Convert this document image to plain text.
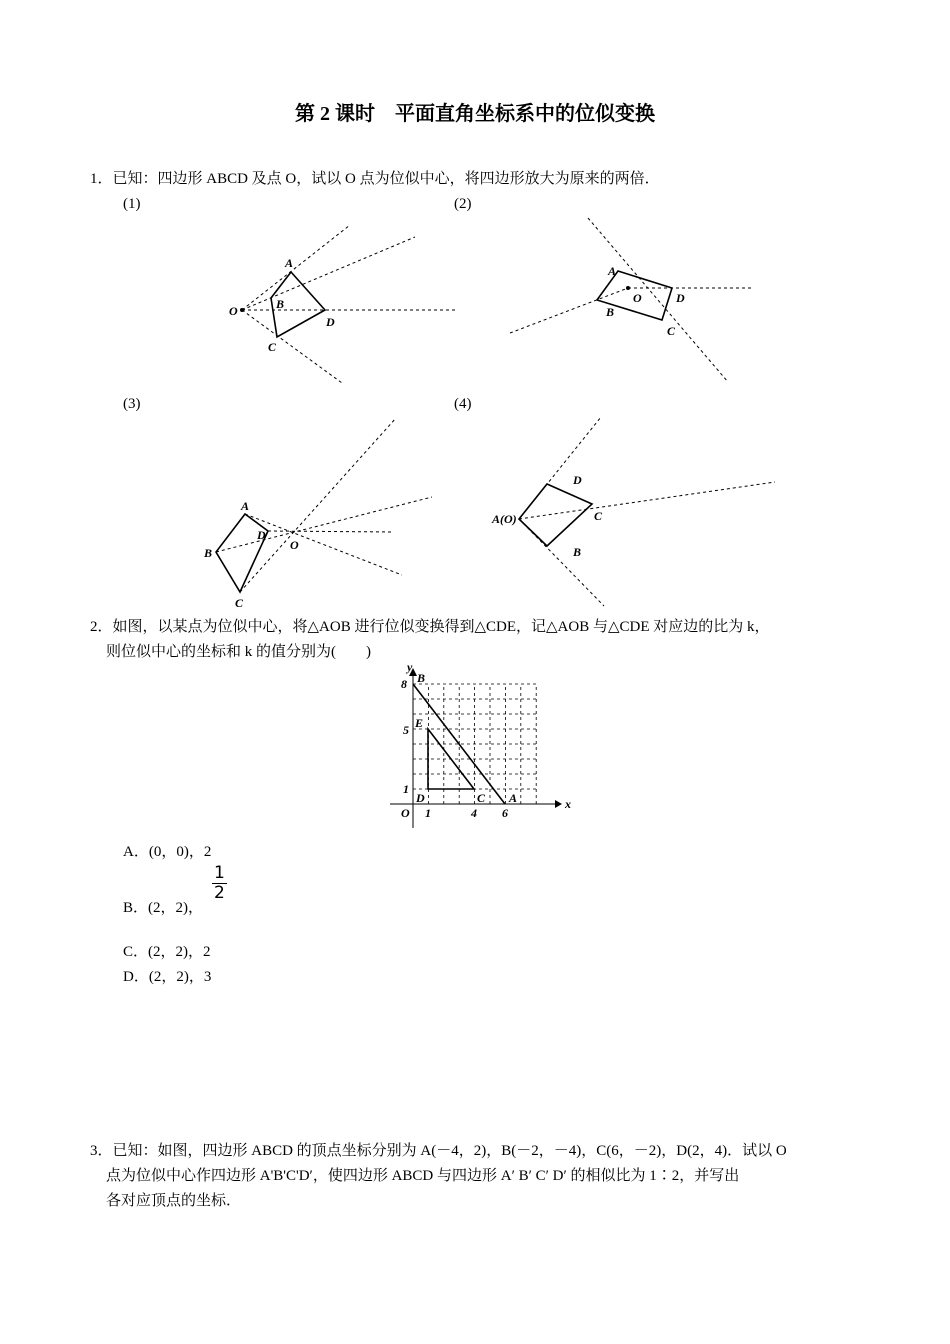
第 2 课时　平面直角坐标系中的位似变换
1．已知：四边形 ABCD 及点 O，试以 O 点为位似中心，将四边形放大为原来的两倍．
(1)	(2)
(3)	(4)
O
A
B
C
D
A
B
C
D
O
A
B
C
D
O
A(O)
D
C
B
y
x
O
B
E
D	C A
1	4 6
1
5
8
2．如图，以某点为位似中心，将△AOB 进行位似变换得到△CDE，记△AOB 与△CDE 对应边的比为 k，
则位似中心的坐标和 k 的值分别为(　　)
A．(0，0)，2
B．(2，2)，
$\frac{1}{2}$
C．(2，2)，2
D．(2，2)，3
3．已知：如图，四边形 ABCD 的顶点坐标分别为 A(－4，2)，B(－2，－4)，C(6，－2)，D(2，4)．试以 O
点为位似中心作四边形 A'B'C'D′，使四边形 ABCD 与四边形 A′ B′ C′ D′ 的相似比为 1∶2，并写出
各对应顶点的坐标．
